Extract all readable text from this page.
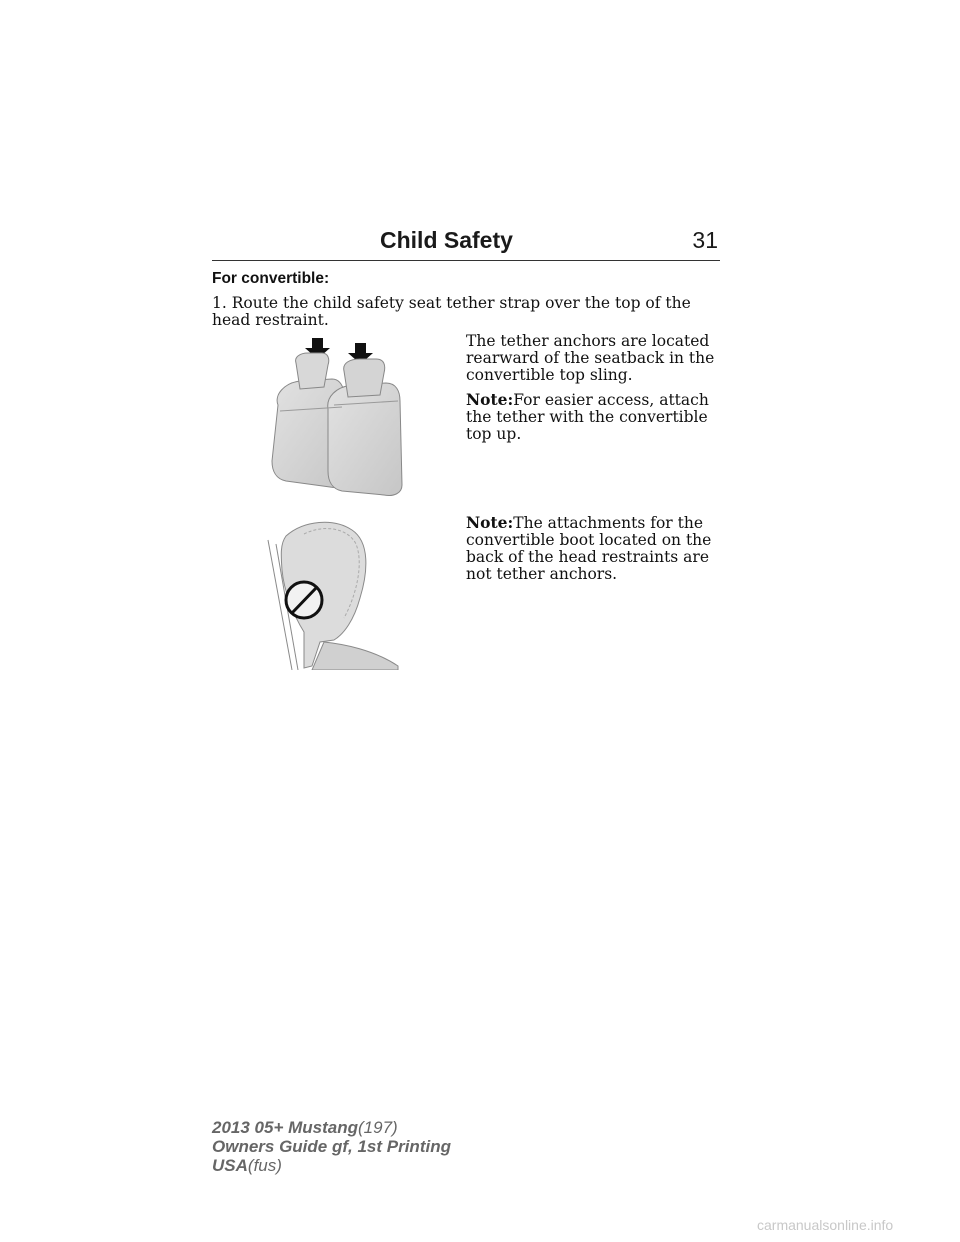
Child Safety	31
For convertible:
1. Route the child safety seat tether strap over the top of the head restraint.

The tether anchors are located rearward of the seatback in the convertible top sling.

Note:For easier access, attach the tether with the convertible top up.

Note:The attachments for the convertible boot located on the back of the head restraints are not tether anchors.

2013 05+ Mustang(197)
Owners Guide gf, 1st Printing
USA(fus)
carmanualsonline.info
